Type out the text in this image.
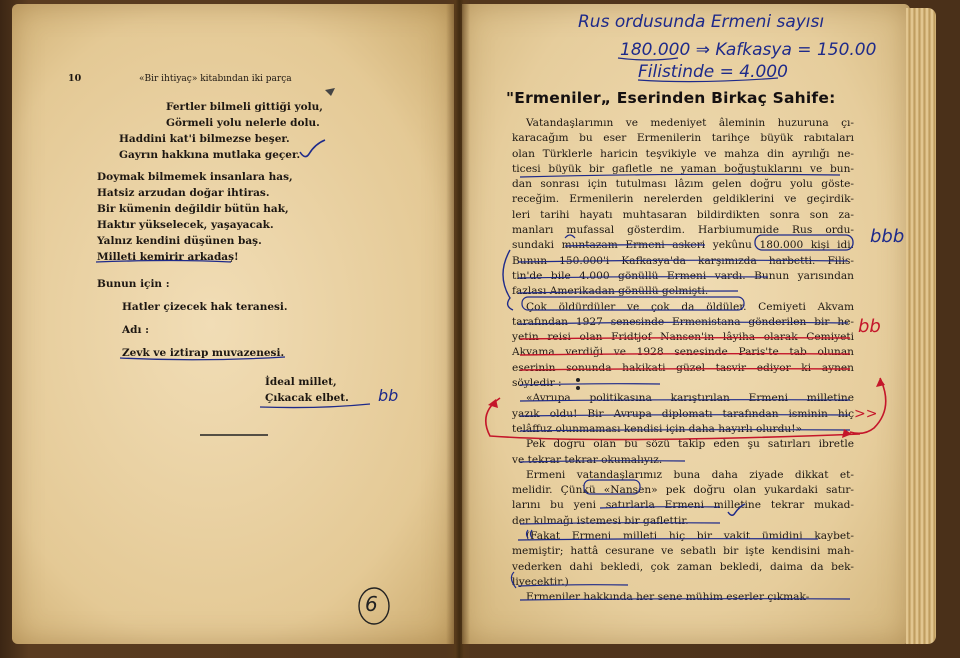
10	«Bir ihtiyaç» kitabından iki parça
Fertler bilmeli gittiği yolu,
Görmeli yolu nelerle dolu.
Haddini kat'i bilmezse beşer.
Gayrın hakkına mutlaka geçer.
Doymak bilmemek insanlara has,
Hatsiz arzudan doğar ihtiras.
Bir kümenin değildir bütün hak,
Haktır yükselecek, yaşayacak.
Yalnız kendini düşünen baş.
Milleti kemirir arkadaş!
Bunun için :
Hatler çizecek hak teranesi.
Adı :
Zevk ve iztirap muvazenesi.
İdeal millet,
Çıkacak elbet.
6
Rus ordusunda Ermeni sayısı
180.000 ⇒ Kafkasya = 150.00
Filistinde = 4.000
"Ermeniler„ Eserinden Birkaç Sahife:
Vatandaşlarımın ve medeniyet âleminin huzuruna çı-
karacağım bu eser Ermenilerin tarihçe büyük rabıtaları
olan Türklerle haricin teşvikiyle ve mahza din ayrılığı ne-
ticesi büyük bir gafletle ne yaman boğuştuklarını ve bun-
dan sonrası için tutulması lâzım gelen doğru yolu göste-
receğim. Ermenilerin nerelerden geldiklerini ve geçirdik-
leri tarihi hayatı muhtasaran bildirdikten sonra son za-
manları mufassal gösterdim. Harbiumumide Rus ordu-
sundaki muntazam Ermeni askeri yekûnu 180.000 kişi idi.
Bunun 150.000'i Kafkasya'da karşımızda harbetti. Filis-
tin'de bile 4.000 gönüllü Ermeni vardı. Bunun yarısından
fazlası Amerikadan gönüllü gelmişti.
Çok öldürdüler ve çok da öldüler. Cemiyeti Akvam
tarafından 1927 senesinde Ermenistana gönderilen bir he-
yetin reisi olan Fridtjof Nansen'in lâyiha olarak Cemiyeti
Akvama verdiği ve 1928 senesinde Paris'te tab olunan
eserinin sonunda hakikati güzel tasvir ediyor ki aynen
söyledir :
«Avrupa politikasına karıştırılan Ermeni milletine
yazık oldu! Bir Avrupa diplomatı tarafından isminin hiç
telâffuz olunmaması kendisi için daha hayırlı olurdu!»
Pek doğru olan bu sözü takip eden şu satırları ibretle
ve tekrar tekrar okumalıyız.
Ermeni vatandaşlarımız buna daha ziyade dikkat et-
melidir. Çünkü «Nansen» pek doğru olan yukardaki satır-
larını bu yeni satırlarla Ermeni milletine tekrar mukad-
der kılmağı istemesi bir gaflettir.
(Fakat Ermeni milleti hiç bir vakit ümidini kaybet-
memiştir; hattâ cesurane ve sebatlı bir işte kendisini mah-
vederken dahi bekledi, çok zaman bekledi, daima da bek-
liyecektir.)
Ermeniler hakkında her sene mühim eserler çıkmak-
bbb
bb
bb
>>
